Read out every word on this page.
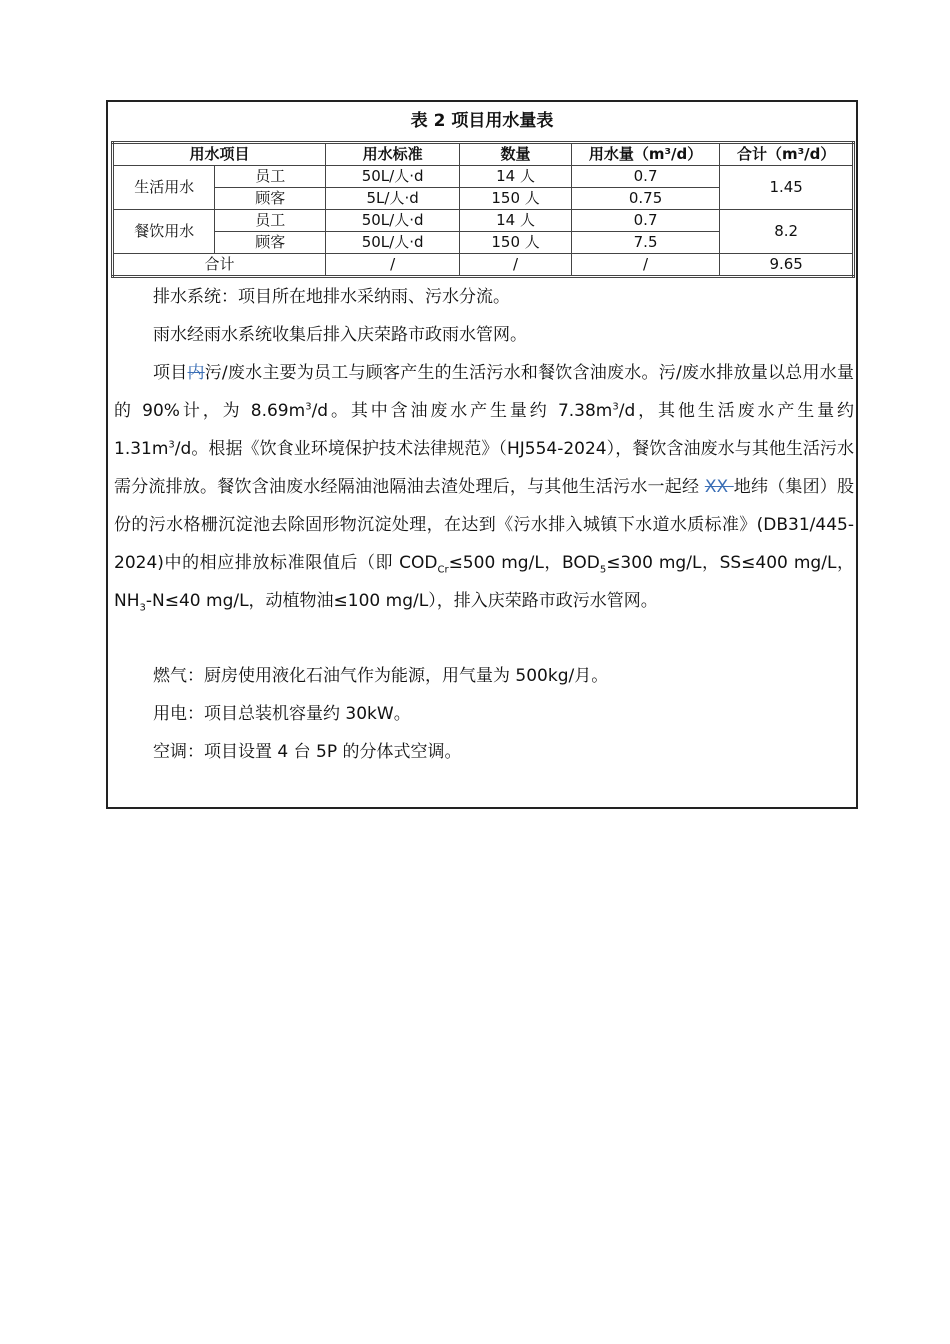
表 2 项目用水量表
用水项目		用水标准	数量	用水量（m³/d）	合计（m³/d）
生活用水	员工	50L/人·d	14 人	0.7	1.45
	顾客	5L/人·d	150 人	0.75	
餐饮用水	员工	50L/人·d	14 人	0.7	8.2
	顾客	50L/人·d	150 人	7.5	
合计		/	/	/	9.65
排水系统：项目所在地排水采纳雨、污水分流。
雨水经雨水系统收集后排入庆荣路市政雨水管网。
项目内污/废水主要为员工与顾客产生的生活污水和餐饮含油废水。污/废水排放量以总用水量的 90%计，为 $8.69m^3/d$。其中含油废水产生量约 $7.38m^3/d$，其他生活废水产生量约 $1.31m^3/d$。根据《饮食业环境保护技术法律规范》（HJ554-2024），餐饮含油废水与其他生活污水需分流排放。餐饮含油废水经隔油池隔油去渣处理后，与其他生活污水一起经 XX 地纬（集团）股份的污水格栅沉淀池去除固形物沉淀处理，在达到《污水排入城镇下水道水质标准》(DB31/445-2024)中的相应排放标准限值后（即 $COD_{Cr}\le 500$ mg/L，$BOD_5\le 300$ mg/L，SS≤400 mg/L，$NH_3-N\le 40$ mg/L，动植物油≤100 mg/L），排入庆荣路市政污水管网。
燃气：厨房使用液化石油气作为能源，用气量为 500kg/月。
用电：项目总装机容量约 30kW。
空调：项目设置 4 台 5P 的分体式空调。
